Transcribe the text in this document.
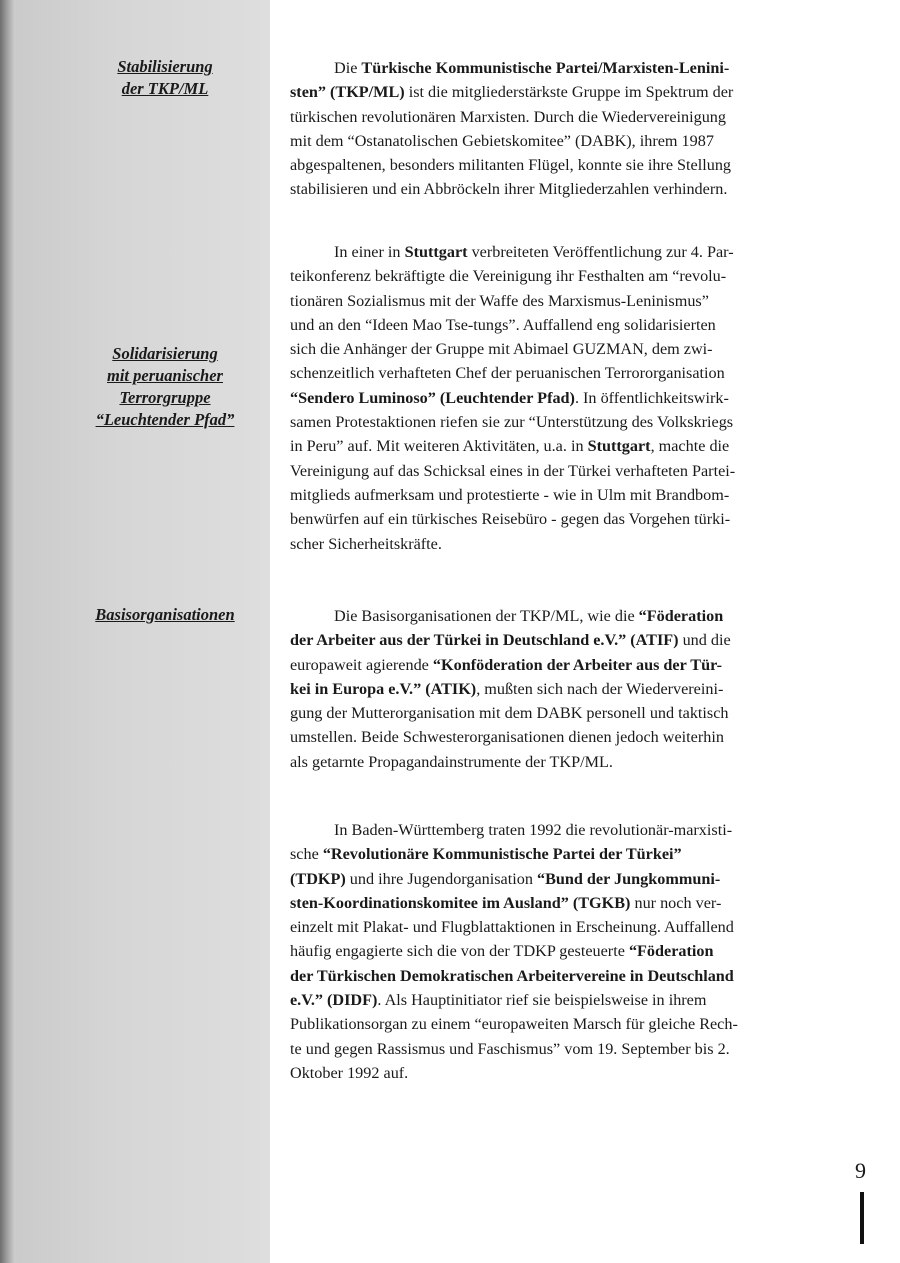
Stabilisierung
der TKP/ML
Solidarisierung
mit peruanischer
Terrorgruppe
“Leuchtender Pfad”
Basisorganisationen
Die Türkische Kommunistische Partei/Marxisten-Lenini-
sten” (TKP/ML) ist die mitgliederstärkste Gruppe im Spektrum der
türkischen revolutionären Marxisten. Durch die Wiedervereinigung
mit dem “Ostanatolischen Gebietskomitee” (DABK), ihrem 1987
abgespaltenen, besonders militanten Flügel, konnte sie ihre Stellung
stabilisieren und ein Abbröckeln ihrer Mitgliederzahlen verhindern.
In einer in Stuttgart verbreiteten Veröffentlichung zur 4. Par-
teikonferenz bekräftigte die Vereinigung ihr Festhalten am “revolu-
tionären Sozialismus mit der Waffe des Marxismus-Leninismus”
und an den “Ideen Mao Tse-tungs”. Auffallend eng solidarisierten
sich die Anhänger der Gruppe mit Abimael GUZMAN, dem zwi-
schenzeitlich verhafteten Chef der peruanischen Terrororganisation
“Sendero Luminoso” (Leuchtender Pfad). In öffentlichkeitswirk-
samen Protestaktionen riefen sie zur “Unterstützung des Volkskriegs
in Peru” auf. Mit weiteren Aktivitäten, u.a. in Stuttgart, machte die
Vereinigung auf das Schicksal eines in der Türkei verhafteten Partei-
mitglieds aufmerksam und protestierte - wie in Ulm mit Brandbom-
benwürfen auf ein türkisches Reisebüro - gegen das Vorgehen türki-
scher Sicherheitskräfte.
Die Basisorganisationen der TKP/ML, wie die “Föderation
der Arbeiter aus der Türkei in Deutschland e.V.” (ATIF) und die
europaweit agierende “Konföderation der Arbeiter aus der Tür-
kei in Europa e.V.” (ATIK), mußten sich nach der Wiedervereini-
gung der Mutterorganisation mit dem DABK personell und taktisch
umstellen. Beide Schwesterorganisationen dienen jedoch weiterhin
als getarnte Propagandainstrumente der TKP/ML.
In Baden-Württemberg traten 1992 die revolutionär-marxisti-
sche “Revolutionäre Kommunistische Partei der Türkei”
(TDKP) und ihre Jugendorganisation “Bund der Jungkommuni-
sten-Koordinationskomitee im Ausland” (TGKB) nur noch ver-
einzelt mit Plakat- und Flugblattaktionen in Erscheinung. Auffallend
häufig engagierte sich die von der TDKP gesteuerte “Föderation
der Türkischen Demokratischen Arbeitervereine in Deutschland
e.V.” (DIDF). Als Hauptinitiator rief sie beispielsweise in ihrem
Publikationsorgan zu einem “europaweiten Marsch für gleiche Rech-
te und gegen Rassismus und Faschismus” vom 19. September bis 2.
Oktober 1992 auf.
9
